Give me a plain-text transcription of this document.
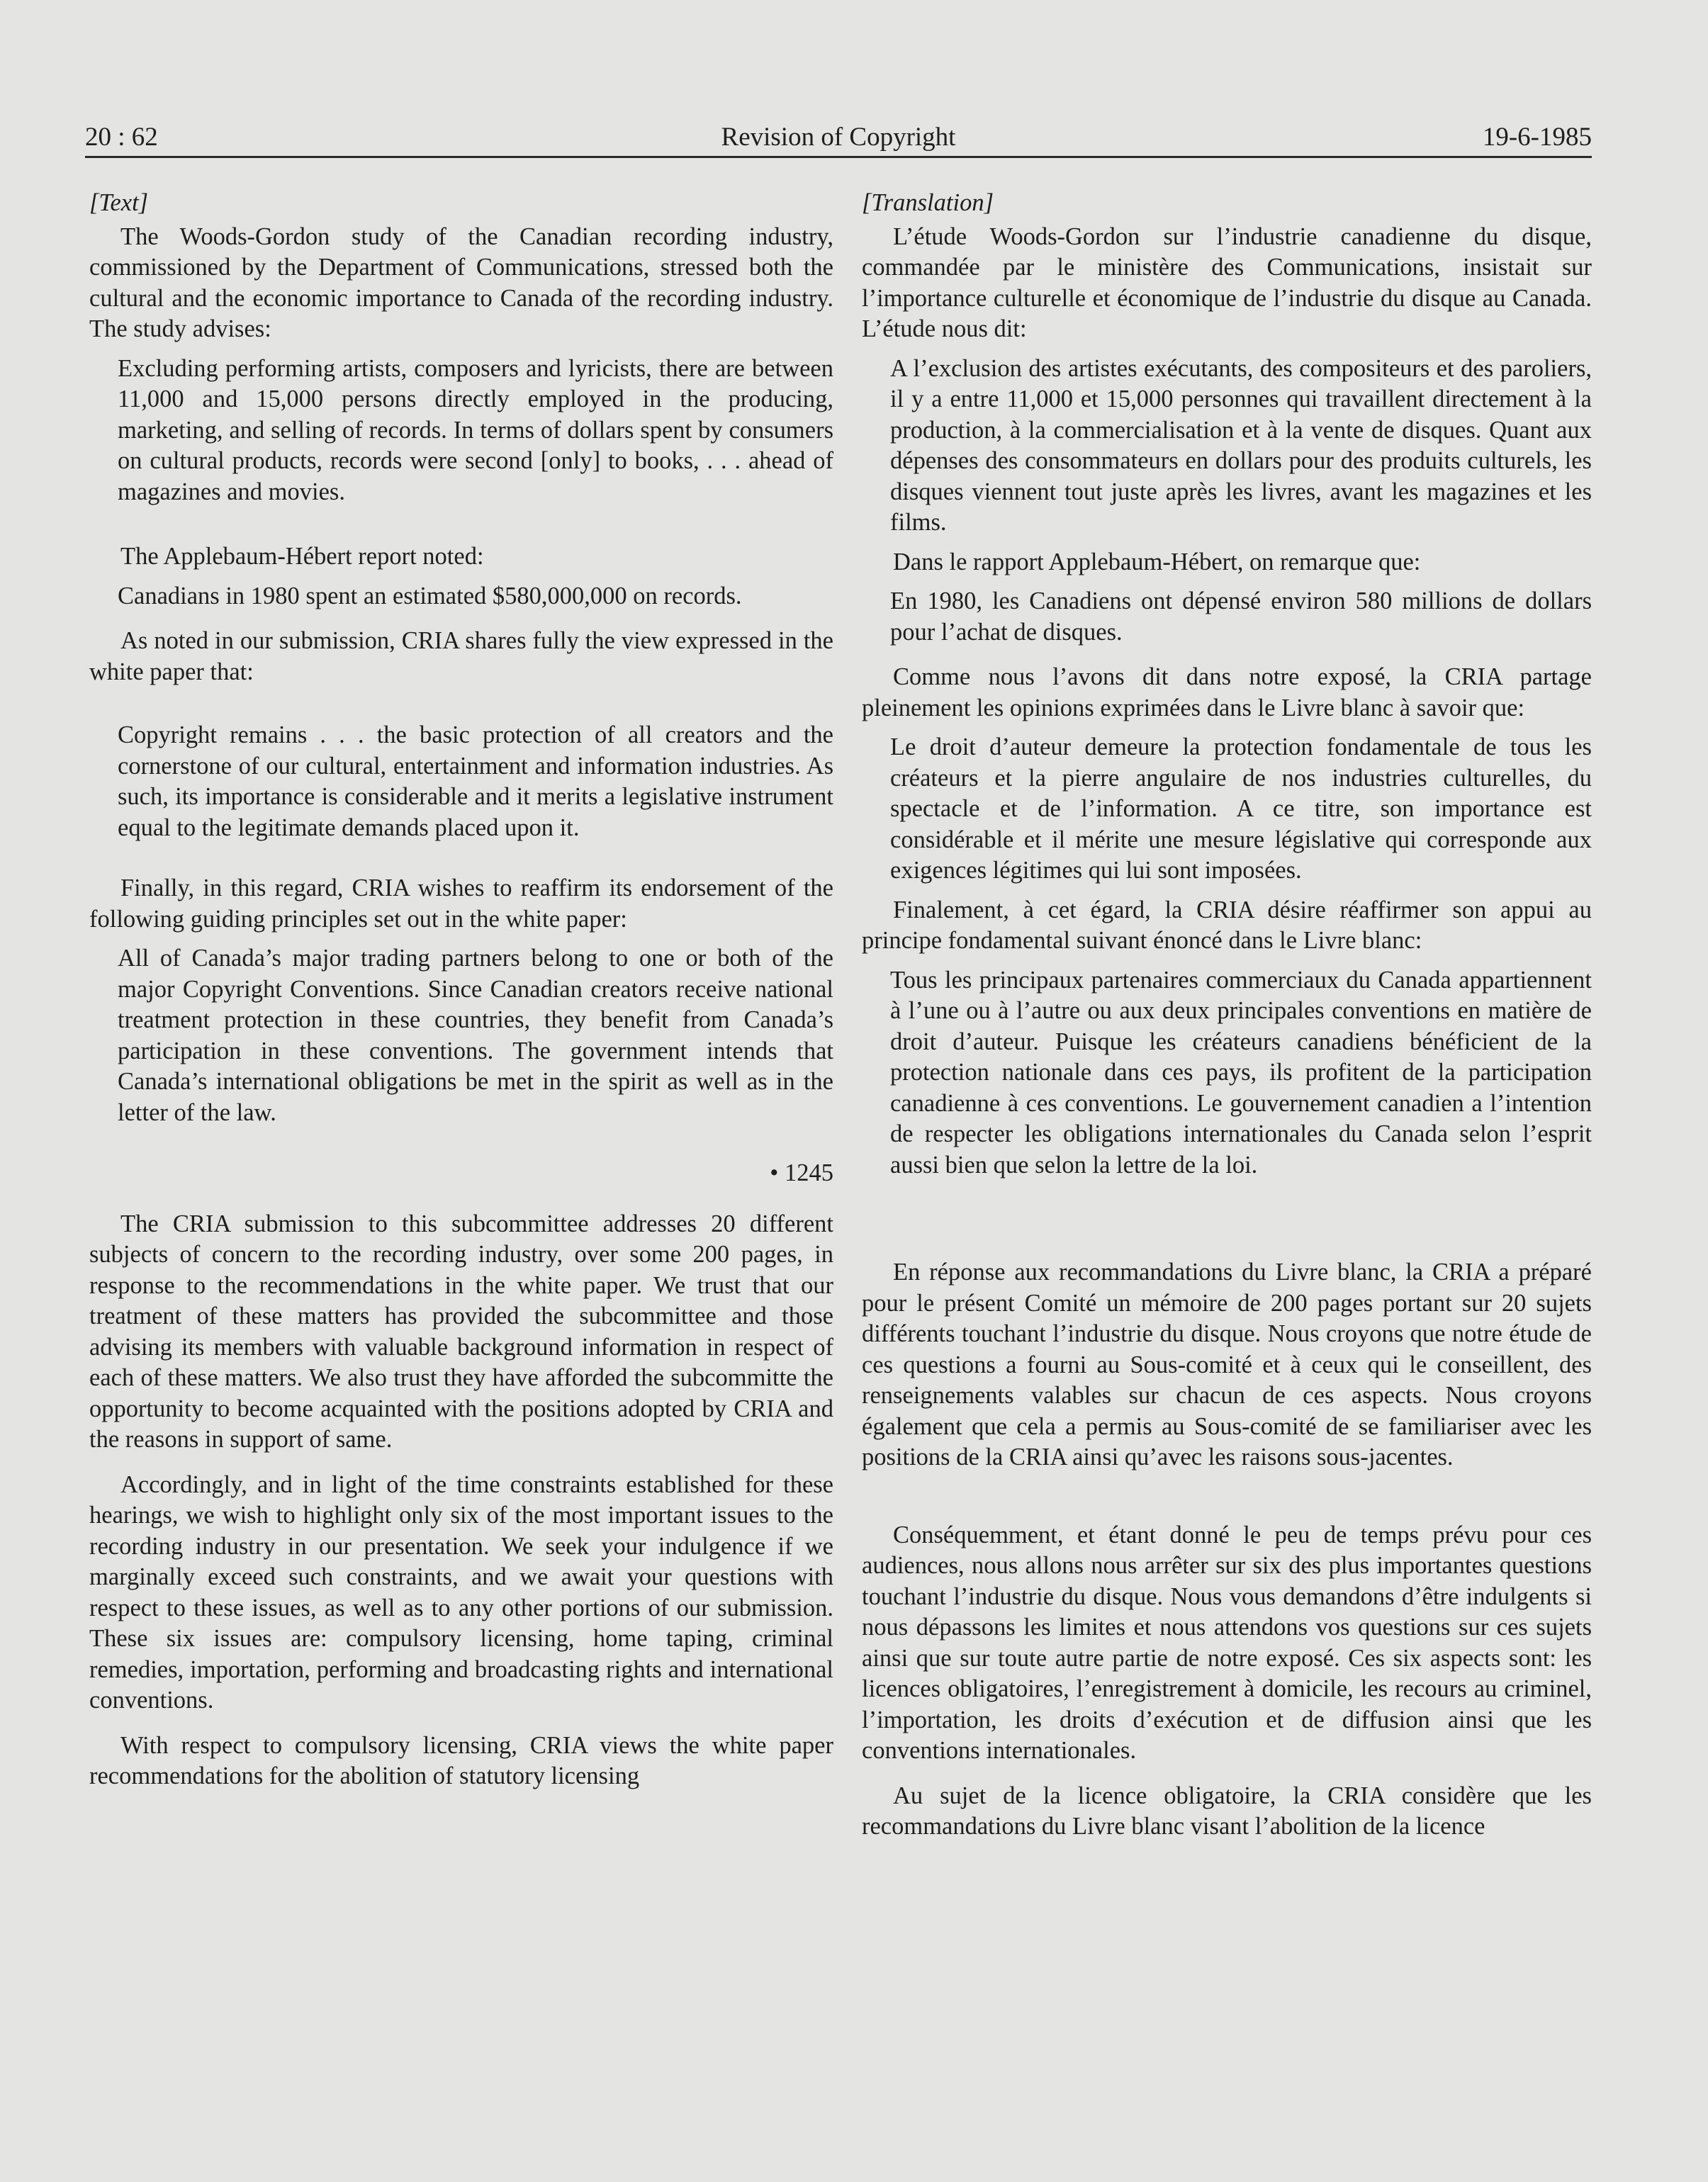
20 : 62	Revision of Copyright	19-6-1985

[Text]

The Woods-Gordon study of the Canadian recording industry, commissioned by the Department of Communications, stressed both the cultural and the economic importance to Canada of the recording industry. The study advises:

Excluding performing artists, composers and lyricists, there are between 11,000 and 15,000 persons directly employed in the producing, marketing, and selling of records. In terms of dollars spent by consumers on cultural products, records were second [only] to books, . . . ahead of magazines and movies.

The Applebaum-Hébert report noted:

Canadians in 1980 spent an estimated $580,000,000 on records.

As noted in our submission, CRIA shares fully the view expressed in the white paper that:

Copyright remains . . . the basic protection of all creators and the cornerstone of our cultural, entertainment and information industries. As such, its importance is considerable and it merits a legislative instrument equal to the legitimate demands placed upon it.

Finally, in this regard, CRIA wishes to reaffirm its endorsement of the following guiding principles set out in the white paper:

All of Canada’s major trading partners belong to one or both of the major Copyright Conventions. Since Canadian creators receive national treatment protection in these countries, they benefit from Canada’s participation in these conventions. The government intends that Canada’s international obligations be met in the spirit as well as in the letter of the law.

• 1245

The CRIA submission to this subcommittee addresses 20 different subjects of concern to the recording industry, over some 200 pages, in response to the recommendations in the white paper. We trust that our treatment of these matters has provided the subcommittee and those advising its members with valuable background information in respect of each of these matters. We also trust they have afforded the subcommitte the opportunity to become acquainted with the positions adopted by CRIA and the reasons in support of same.

Accordingly, and in light of the time constraints established for these hearings, we wish to highlight only six of the most important issues to the recording industry in our presentation. We seek your indulgence if we marginally exceed such constraints, and we await your questions with respect to these issues, as well as to any other portions of our submission. These six issues are: compulsory licensing, home taping, criminal remedies, importation, performing and broadcasting rights and international conventions.

With respect to compulsory licensing, CRIA views the white paper recommendations for the abolition of statutory licensing

[Translation]

L’étude Woods-Gordon sur l’industrie canadienne du disque, commandée par le ministère des Communications, insistait sur l’importance culturelle et économique de l’industrie du disque au Canada. L’étude nous dit:

A l’exclusion des artistes exécutants, des compositeurs et des paroliers, il y a entre 11,000 et 15,000 personnes qui travaillent directement à la production, à la commercialisation et à la vente de disques. Quant aux dépenses des consommateurs en dollars pour des produits culturels, les disques viennent tout juste après les livres, avant les magazines et les films.

Dans le rapport Applebaum-Hébert, on remarque que:

En 1980, les Canadiens ont dépensé environ 580 millions de dollars pour l’achat de disques.

Comme nous l’avons dit dans notre exposé, la CRIA partage pleinement les opinions exprimées dans le Livre blanc à savoir que:

Le droit d’auteur demeure la protection fondamentale de tous les créateurs et la pierre angulaire de nos industries culturelles, du spectacle et de l’information. A ce titre, son importance est considérable et il mérite une mesure législative qui corresponde aux exigences légitimes qui lui sont imposées.

Finalement, à cet égard, la CRIA désire réaffirmer son appui au principe fondamental suivant énoncé dans le Livre blanc:

Tous les principaux partenaires commerciaux du Canada appartiennent à l’une ou à l’autre ou aux deux principales conventions en matière de droit d’auteur. Puisque les créateurs canadiens bénéficient de la protection nationale dans ces pays, ils profitent de la participation canadienne à ces conventions. Le gouvernement canadien a l’intention de respecter les obligations internationales du Canada selon l’esprit aussi bien que selon la lettre de la loi.

En réponse aux recommandations du Livre blanc, la CRIA a préparé pour le présent Comité un mémoire de 200 pages portant sur 20 sujets différents touchant l’industrie du disque. Nous croyons que notre étude de ces questions a fourni au Sous-comité et à ceux qui le conseillent, des renseignements valables sur chacun de ces aspects. Nous croyons également que cela a permis au Sous-comité de se familiariser avec les positions de la CRIA ainsi qu’avec les raisons sous-jacentes.

Conséquemment, et étant donné le peu de temps prévu pour ces audiences, nous allons nous arrêter sur six des plus importantes questions touchant l’industrie du disque. Nous vous demandons d’être indulgents si nous dépassons les limites et nous attendons vos questions sur ces sujets ainsi que sur toute autre partie de notre exposé. Ces six aspects sont: les licences obligatoires, l’enregistrement à domicile, les recours au criminel, l’importation, les droits d’exécution et de diffusion ainsi que les conventions internationales.

Au sujet de la licence obligatoire, la CRIA considère que les recommandations du Livre blanc visant l’abolition de la licence
